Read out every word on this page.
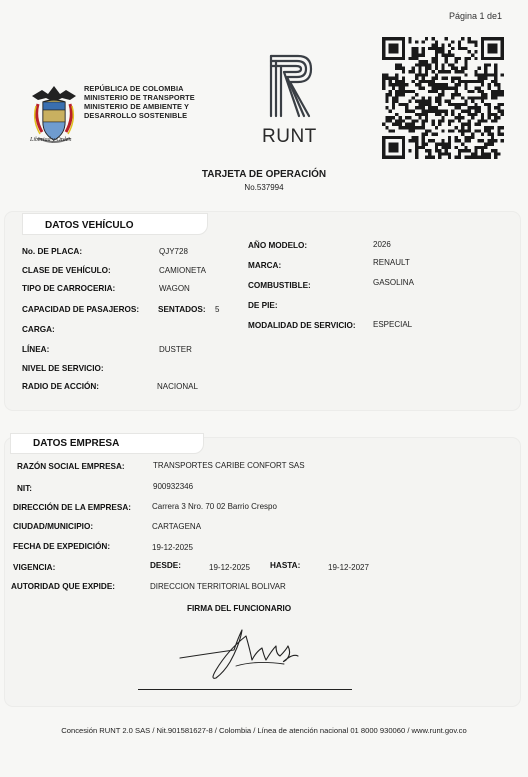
Página 1 de1
Libertad y Orden
REPÚBLICA DE COLOMBIA
MINISTERIO DE TRANSPORTE
MINISTERIO DE AMBIENTE Y
DESARROLLO SOSTENIBLE
RUNT
TARJETA DE OPERACIÓN
No.537994
DATOS VEHÍCULO
No. DE PLACA:	QJY728
CLASE DE VEHÍCULO:	CAMIONETA
TIPO DE CARROCERIA:	WAGON
CAPACIDAD DE PASAJEROS: SENTADOS: 5
CARGA:
LÍNEA:	DUSTER
NIVEL DE SERVICIO:
RADIO DE ACCIÓN:	NACIONAL
AÑO MODELO:	2026
MARCA:	RENAULT
COMBUSTIBLE:	GASOLINA
DE PIE:
MODALIDAD DE SERVICIO: ESPECIAL
DATOS EMPRESA
RAZÓN SOCIAL EMPRESA:	TRANSPORTES CARIBE CONFORT SAS
NIT:	900932346
DIRECCIÓN DE LA EMPRESA:	Carrera 3 Nro. 70 02 Barrio Crespo
CIUDAD/MUNICIPIO:	CARTAGENA
FECHA DE EXPEDICIÓN:	19-12-2025
VIGENCIA:	DESDE:	19-12-2025 HASTA:	19-12-2027
AUTORIDAD QUE EXPIDE:	DIRECCION TERRITORIAL BOLIVAR
FIRMA DEL FUNCIONARIO
Concesión RUNT 2.0 SAS / Nit.901581627-8 / Colombia / Línea de atención nacional 01 8000 930060 / www.runt.gov.co
